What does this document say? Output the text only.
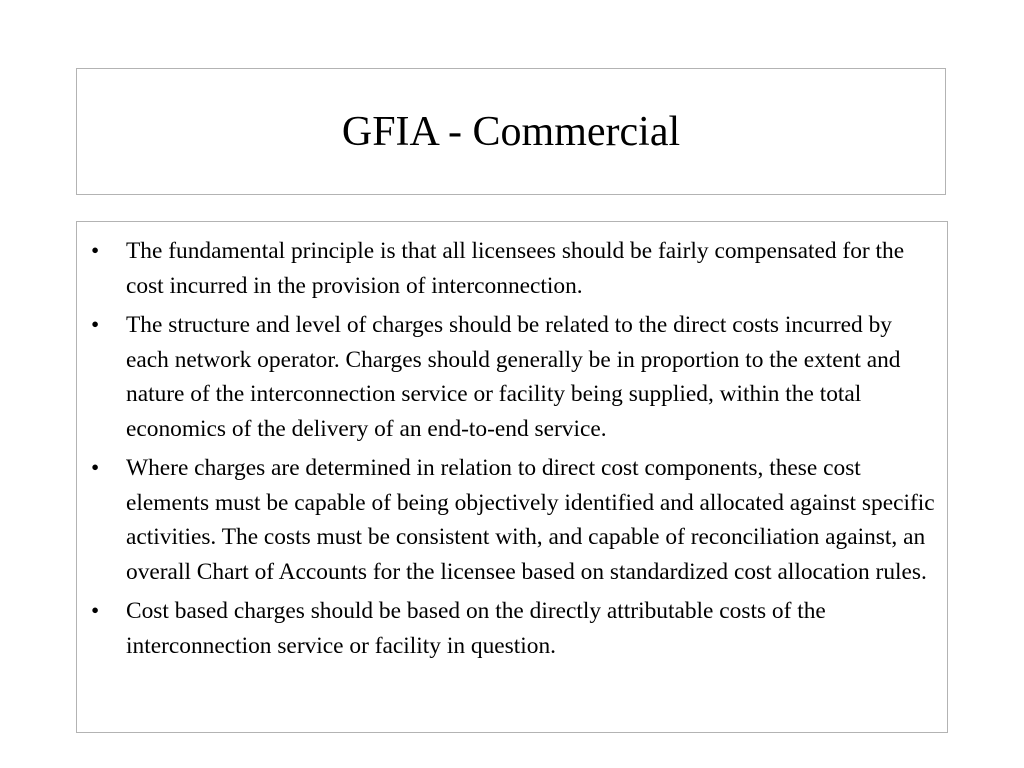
GFIA - Commercial
•	The fundamental principle is that all licensees should be fairly compensated for the cost incurred in the provision of interconnection.
•	The structure and level of charges should be related to the direct costs incurred by each network operator. Charges should generally be in proportion to the extent and nature of the interconnection service or facility being supplied, within the total economics of the delivery of an end-to-end service.
•	Where charges are determined in relation to direct cost components, these cost elements must be capable of being objectively identified and allocated against specific activities. The costs must be consistent with, and capable of reconciliation against, an overall Chart of Accounts for the licensee based on standardized cost allocation rules.
•	Cost based charges should be based on the directly attributable costs of the interconnection service or facility in question.
